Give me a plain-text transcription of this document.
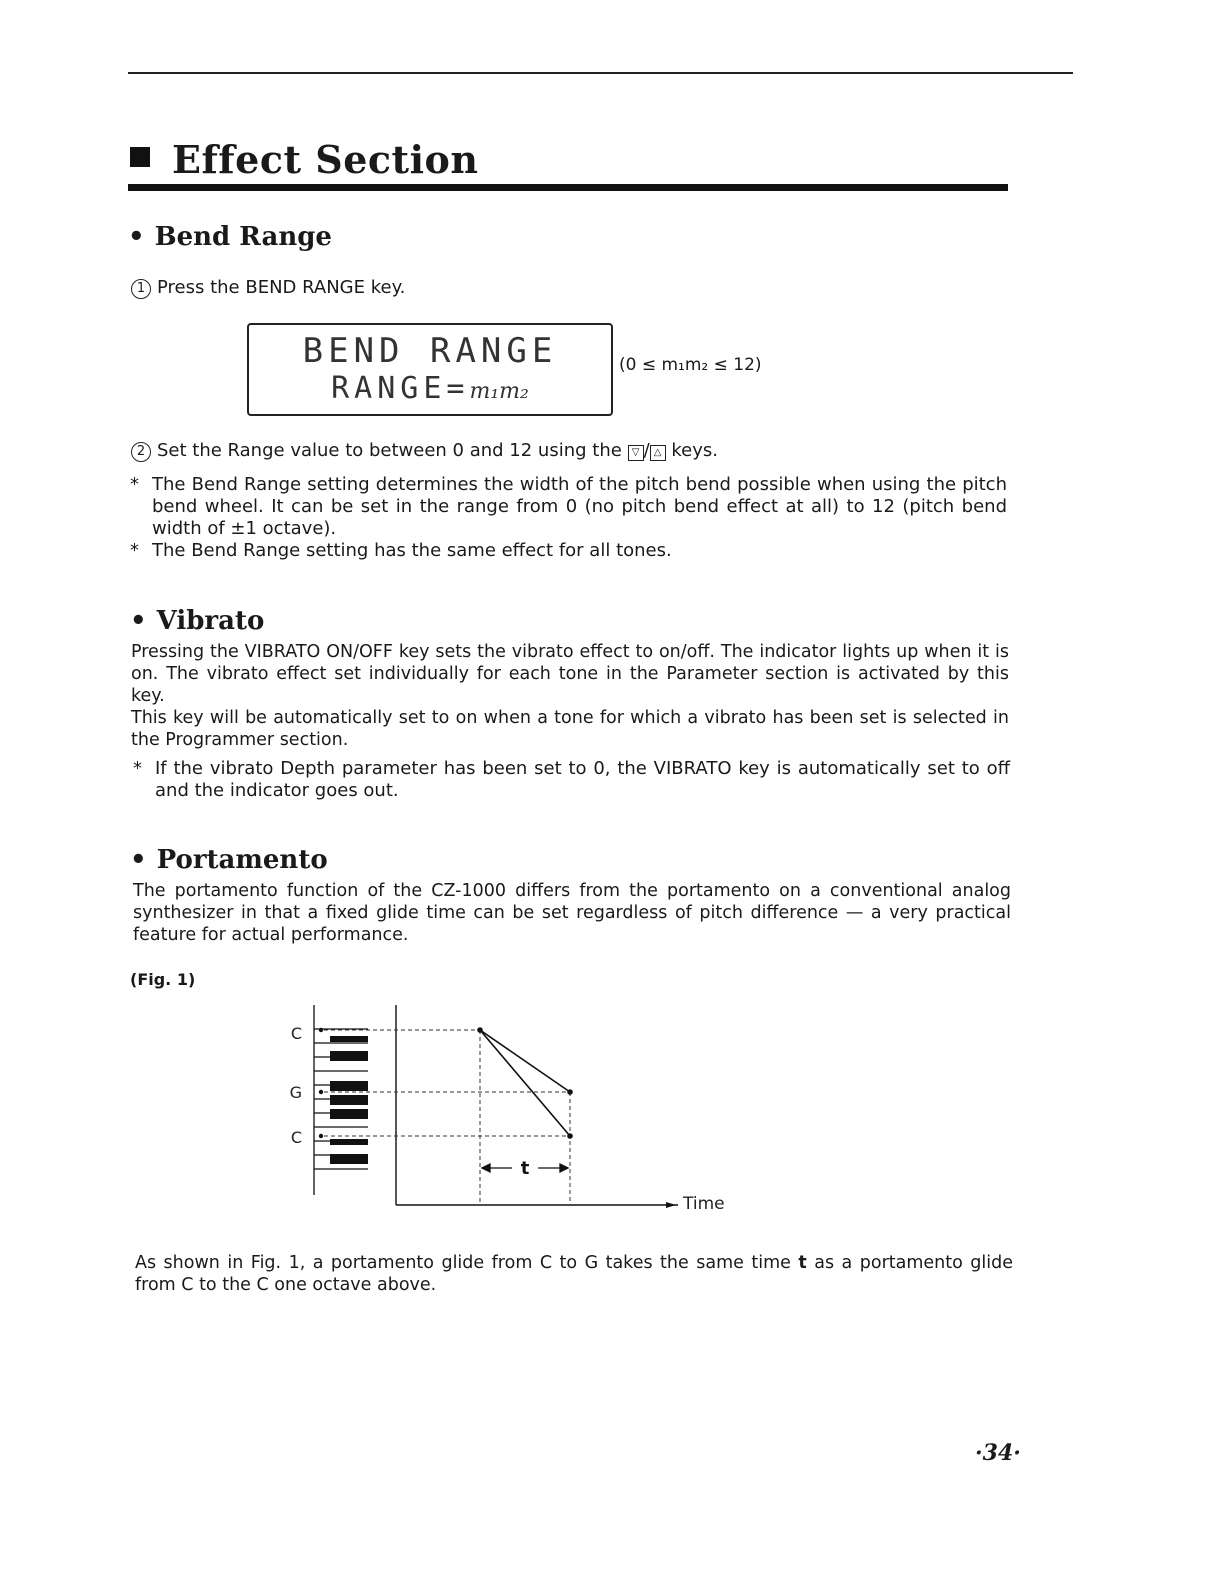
Effect Section
• Bend Range

1 Press the BEND RANGE key.

BEND RANGE
RANGE=m₁m₂
(0 ≤ m₁m₂ ≤ 12)

2 Set the Range value to between 0 and 12 using the ▽ / △ keys.

* The Bend Range setting determines the width of the pitch bend possible when using the pitch bend wheel. It can be set in the range from 0 (no pitch bend effect at all) to 12 (pitch bend width of ±1 octave).

* The Bend Range setting has the same effect for all tones.

• Vibrato

Pressing the VIBRATO ON/OFF key sets the vibrato effect to on/off. The indicator lights up when it is on. The vibrato effect set individually for each tone in the Parameter section is activated by this key.

This key will be automatically set to on when a tone for which a vibrato has been set is selected in the Programmer section.

* If the vibrato Depth parameter has been set to 0, the VIBRATO key is automatically set to off and the indicator goes out.

• Portamento

The portamento function of the CZ-1000 differs from the portamento on a conventional analog synthesizer in that a fixed glide time can be set regardless of pitch difference — a very practical feature for actual performance.

(Fig. 1)
C
G
C
t
Time

As shown in Fig. 1, a portamento glide from C to G takes the same time t as a portamento glide from C to the C one octave above.

·34·
